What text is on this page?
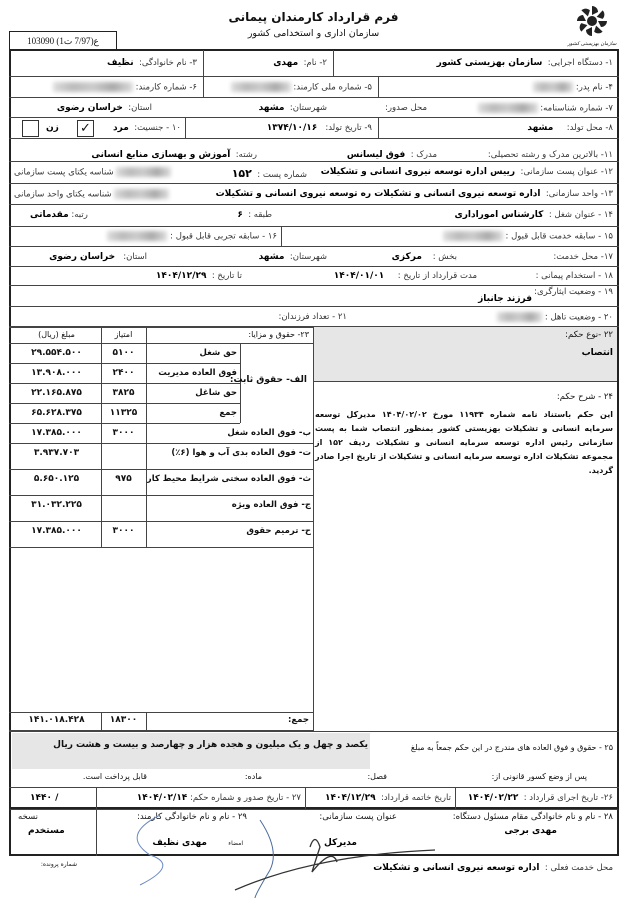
سازمان بهزیستی کشور
فرم قرارداد کارمندان پیمانی
سازمان اداری و استخدامی کشور
ع(7/97 ت1) 103090
۱- دستگاه اجرایی:  سازمان بهزیستی کشور
۲- نام:  مهدی
۳- نام خانوادگی:  نظیف
۴- نام پدر:
۵- شماره ملی کارمند:
۶- شماره کارمند:
۷- شماره شناسنامه:
محل صدور:
شهرستان:  مشهد
استان:  خراسان رضوی
۸- محل تولد:     مشهد
۹- تاریخ تولد:   ۱۳۷۴/۱۰/۱۶
۱۰ - جنسیت:  مرد
✓
زن
۱۱- بالاترین مدرک و رشته تحصیلی:
مدرک :  فوق لیسانس
رشته:  آموزش و بهسازی منابع انسانی
۱۲- عنوان پست سازمانی:  رییس اداره توسعه نیروی انسانی و تشکیلات
شماره پست :  ۱۵۲
شناسه یکتای پست سازمانی
۱۳- واحد سازمانی:  اداره توسعه نیروی انسانی و تشکیلات ره توسعه نیروی انسانی و تشکیلات
شناسه یکتای واحد سازمانی
۱۴ - عنوان شغل :  کارشناس اموراداری
طبقه :  ۶
رتبه: مقدماتی
۱۵ - سابقه خدمت قابل قبول :
۱۶ - سابقه تجربی قابل قبول :
۱۷- محل خدمت:
بخش :    مرکزی
شهرستان:  مشهد
استان:   خراسان رضوی
۱۸ - استخدام پیمانی :
مدت قرارداد از تاریخ :     ۱۴۰۴/۰۱/۰۱
تا تاریخ :  ۱۴۰۴/۱۲/۲۹
۱۹ - وضعیت ایثارگری:
فرزند جانباز
۲۰ - وضعیت تاهل :
۲۱ - تعداد فرزندان:
۲۲ -نوع حکم:
انتصاب
۲۴ - شرح حکم:
این حکم باستناد نامه شماره ۱۱۹۳۴ مورخ ۱۴۰۴/۰۲/۰۲ مدیرکل توسعه سرمایه انسانی و تشکیلات بهزیستی کشور بمنظور انتصاب شما به پست سازمانی رئیس اداره توسعه سرمایه انسانی و تشکیلات ردیف ۱۵۲ از مجموعه تشکیلات اداره توسعه سرمایه انسانی و تشکیلات از تاریخ اجرا صادر گردید.
مبلغ (ریال)	امتیاز	۲۳- حقوق و مزایا:
الف- حقوق ثابت:
۲۹.۵۵۴.۵۰۰	۵۱۰۰	حق شغل
۱۳.۹۰۸.۰۰۰	۲۴۰۰	فوق العاده مدیریت
۲۲.۱۶۵.۸۷۵	۳۸۲۵	حق شاغل
۶۵.۶۲۸.۳۷۵	۱۱۳۲۵	جمع
۱۷.۳۸۵.۰۰۰	۳۰۰۰	ب- فوق العاده شغل
۳.۹۳۷.۷۰۳	ت- فوق العاده بدی آب و هوا (۶٪)
۵.۶۵۰.۱۲۵	۹۷۵	ث- فوق العاده سختی شرایط محیط کار
۳۱.۰۳۲.۲۲۵	ج- فوق العاده ویژه
۱۷.۳۸۵.۰۰۰	۳۰۰۰	ح- ترمیم حقوق
۱۴۱.۰۱۸.۴۲۸	۱۸۳۰۰	جمع:
۲۵ - حقوق و فوق العاده های مندرج در این حکم جمعاً به مبلغ
یکصد و چهل و یک میلیون و هجده هزار و چهارصد و بیست و هشت ریال
پس از وضع کسور قانونی از:
فصل:
ماده:
قابل پرداخت است.
۲۶- تاریخ اجرای قرارداد :  ۱۴۰۴/۰۲/۲۲
تاریخ خاتمه قرارداد:  ۱۴۰۴/۱۲/۲۹
۲۷ - تاریخ صدور و شماره حکم: ۱۴۰۴/۰۲/۱۴
/ ۱۴۴۰
۲۸ - نام و نام خانوادگی مقام مسئول دستگاه:
مهدی برجی
عنوان پست سازمانی:
مدیرکل
امضاء
۲۹ - نام و نام خانوادگی کارمند:
مهدی نظیف
نسخه
مستخدم
محل خدمت فعلی :  اداره توسعه نیروی انسانی و تشکیلات
شماره پرونده:
